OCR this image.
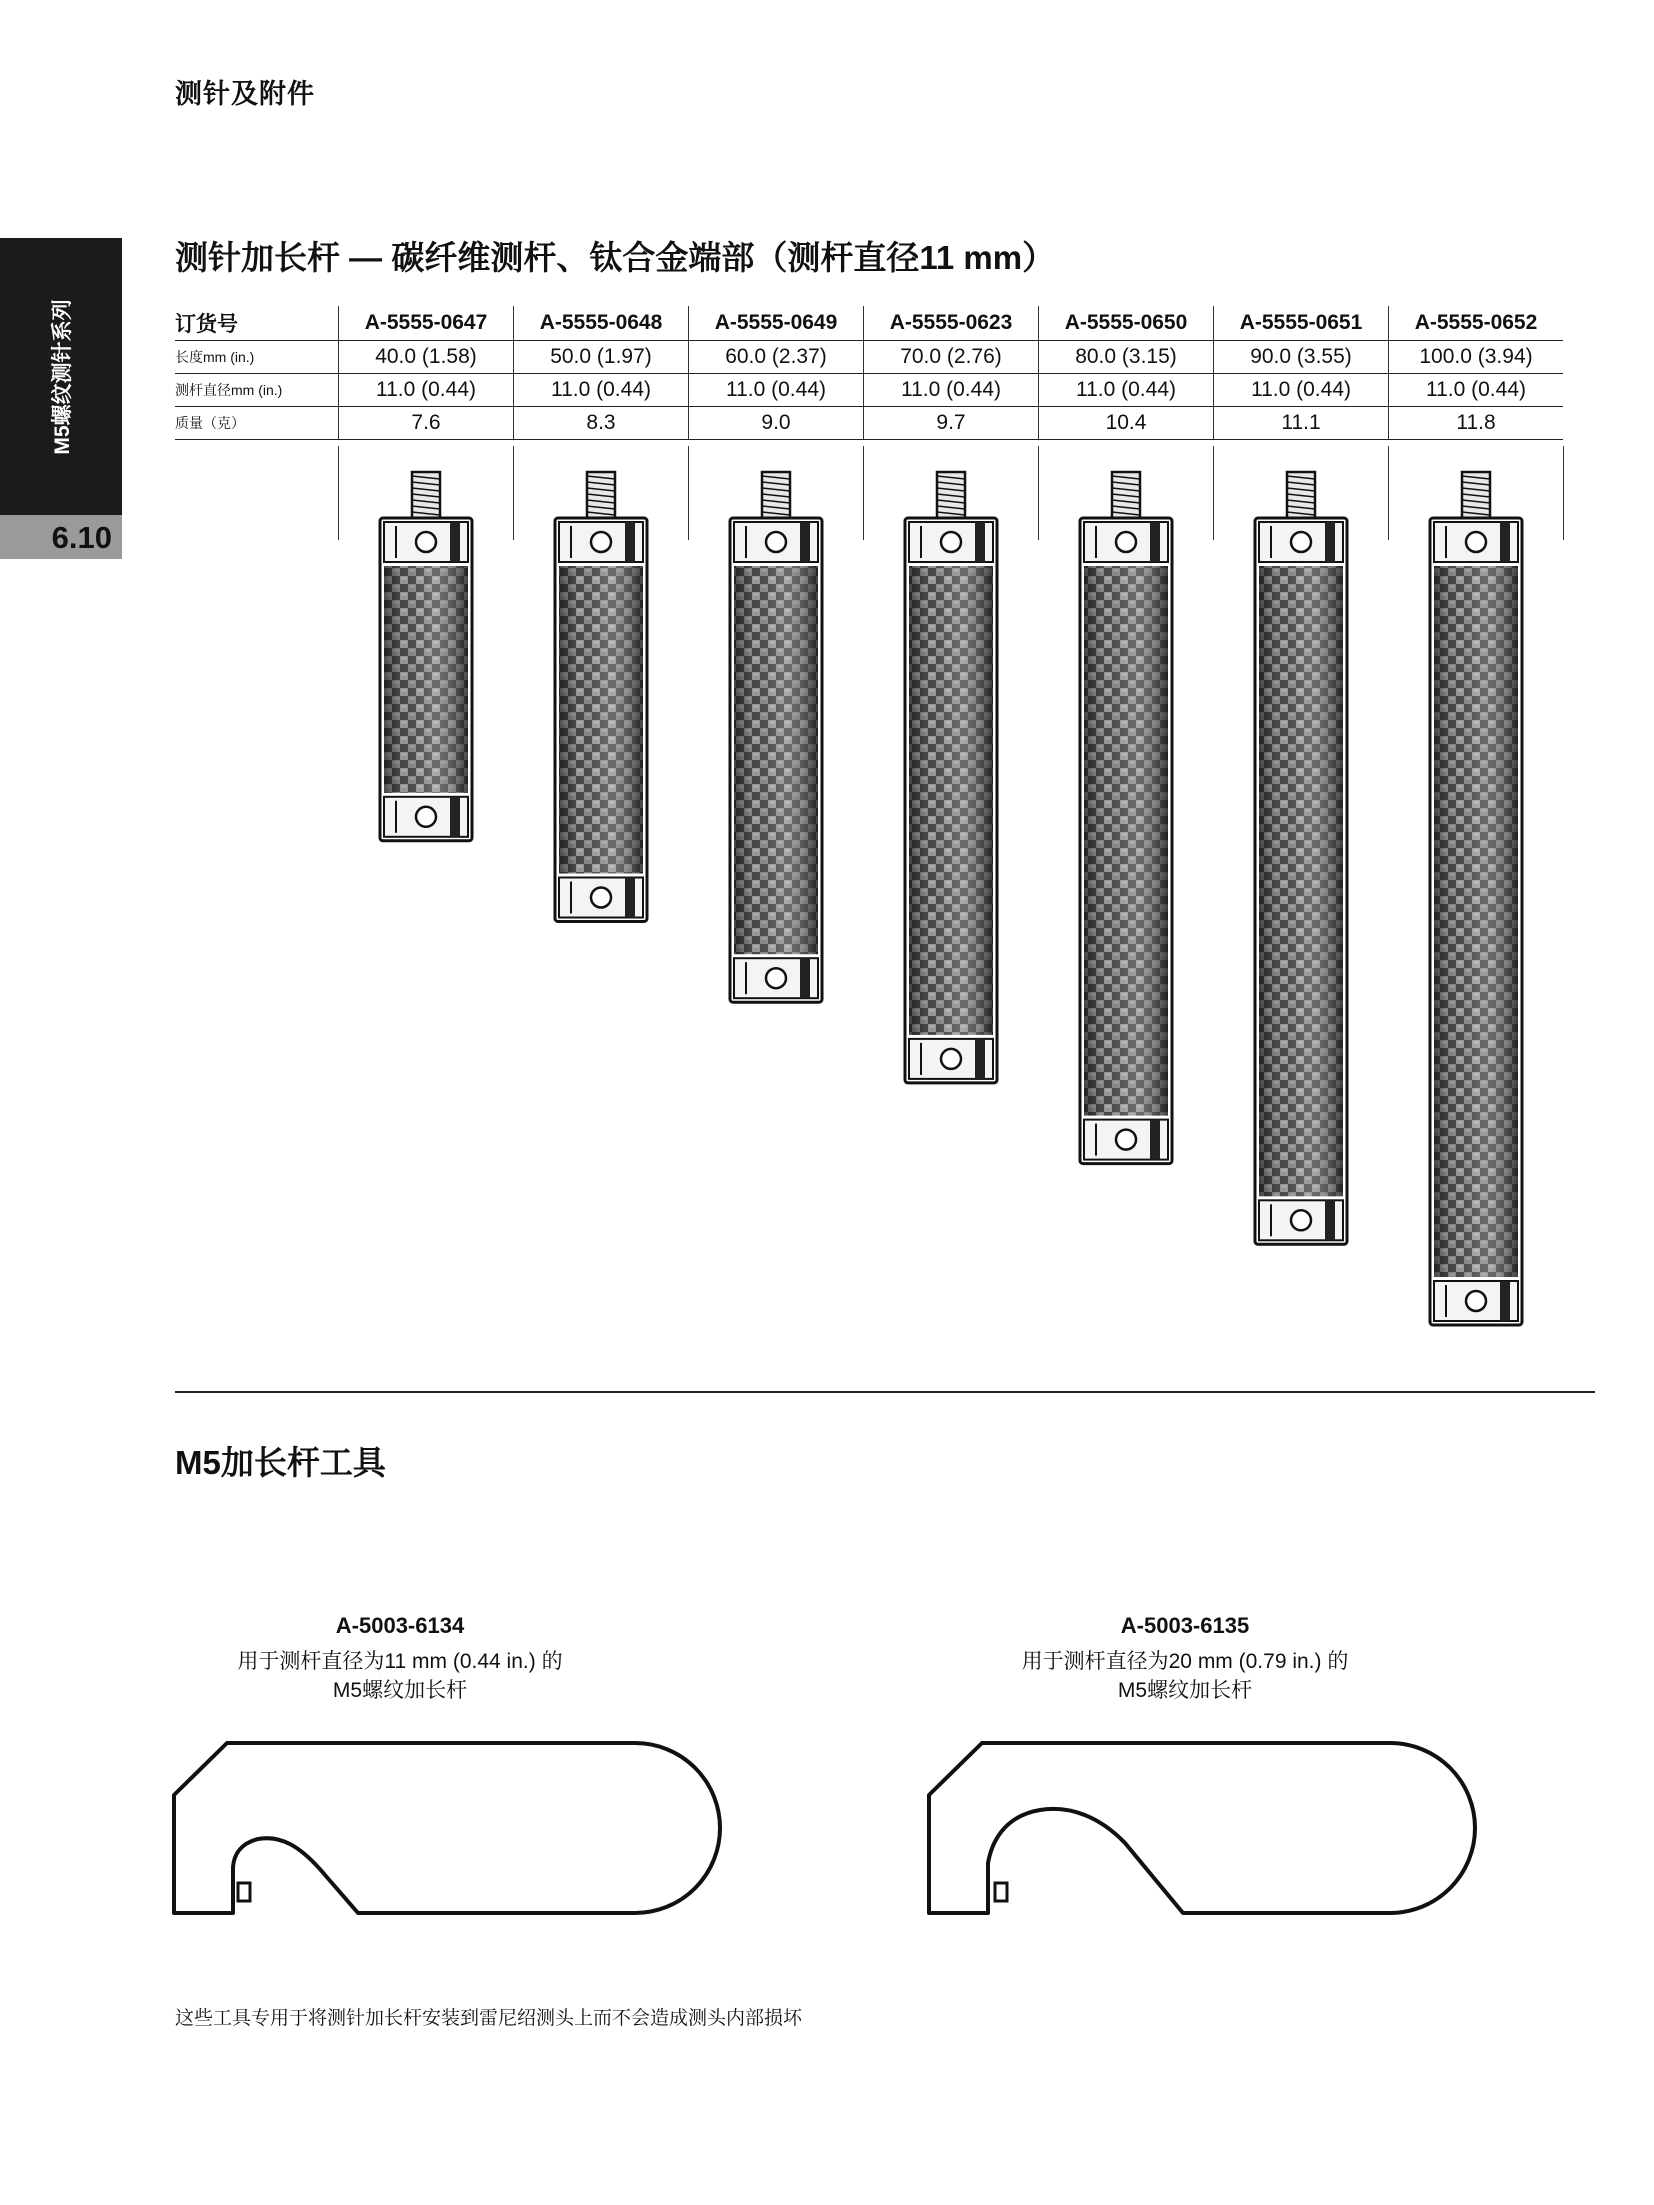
测针及附件
M5螺纹测针系列
6.10
测针加长杆 — 碳纤维测杆、钛合金端部（测杆直径11 mm）
订货号	A-5555-0647	A-5555-0648	A-5555-0649	A-5555-0623	A-5555-0650	A-5555-0651	A-5555-0652
长度mm (in.)	40.0 (1.58)	50.0 (1.97)	60.0 (2.37)	70.0 (2.76)	80.0 (3.15)	90.0 (3.55)	100.0 (3.94)
测杆直径mm (in.)	11.0 (0.44)	11.0 (0.44)	11.0 (0.44)	11.0 (0.44)	11.0 (0.44)	11.0 (0.44)	11.0 (0.44)
质量（克）	7.6	8.3	9.0	9.7	10.4	11.1	11.8
M5加长杆工具
A-5003-6134
用于测杆直径为11 mm (0.44 in.) 的
M5螺纹加长杆
A-5003-6135
用于测杆直径为20 mm (0.79 in.) 的
M5螺纹加长杆
这些工具专用于将测针加长杆安装到雷尼绍测头上而不会造成测头内部损坏
